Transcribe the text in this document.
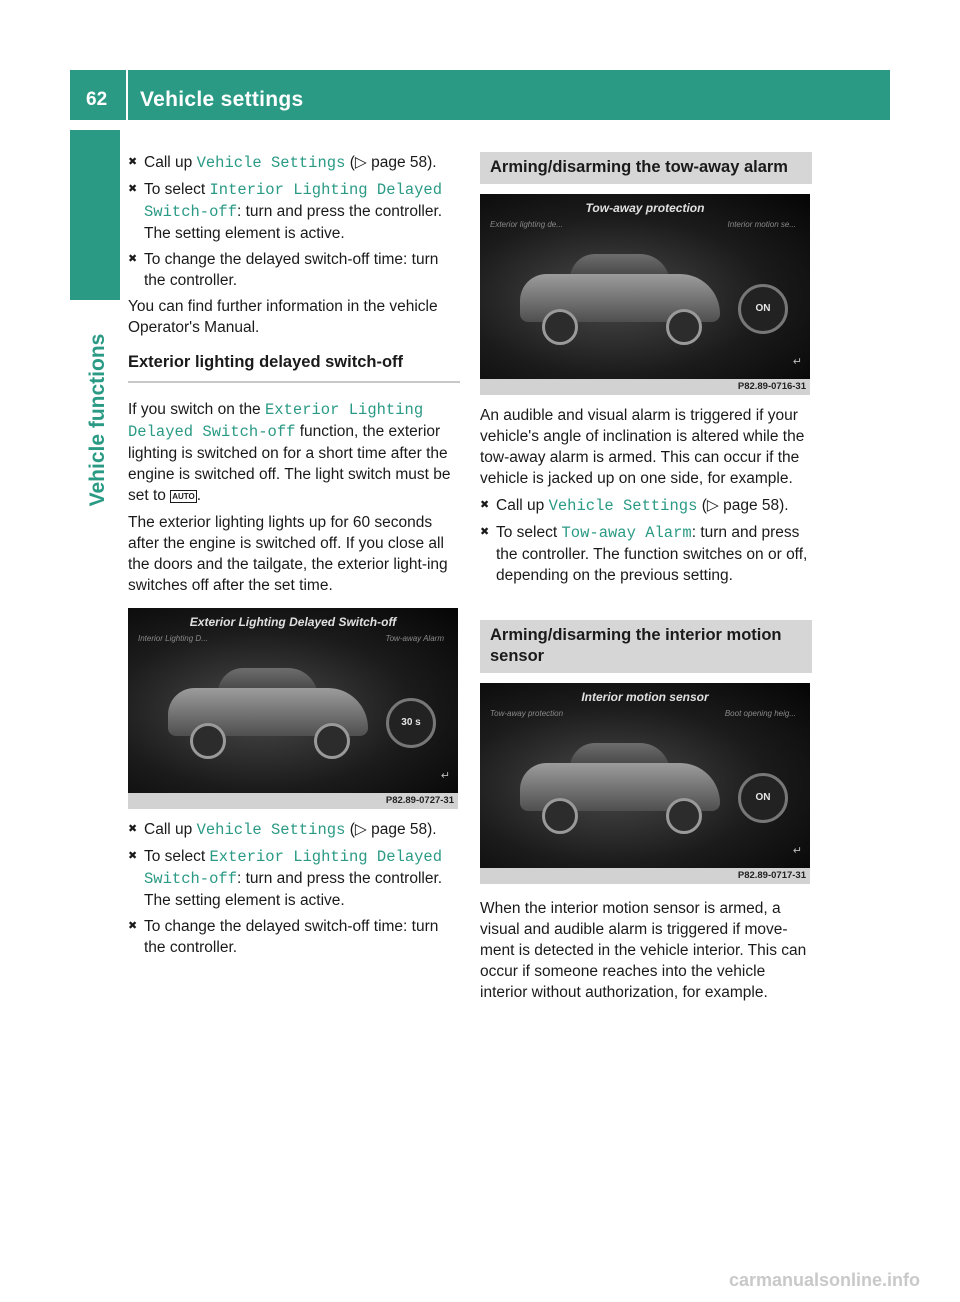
62 Vehicle settings
Vehicle functions
✖ Call up Vehicle Settings (▷ page 58).
✖ To select Interior Lighting Delayed Switch-off: turn and press the controller. The setting element is active.
✖ To change the delayed switch-off time: turn the controller.

You can find further information in the vehicle Operator's Manual.

Exterior lighting delayed switch-off

If you switch on the Exterior Lighting Delayed Switch-off function, the exterior lighting is switched on for a short time after the engine is switched off. The light switch must be set to AUTO .

The exterior lighting lights up for 60 seconds after the engine is switched off. If you close all the doors and the tailgate, the exterior light-ing switches off after the set time.

Exterior Lighting Delayed Switch-off
Interior Lighting D...	Tow-away Alarm
30 s
↵
P82.89-0727-31
✖ Call up Vehicle Settings (▷ page 58).
✖ To select Exterior Lighting Delayed Switch-off: turn and press the controller. The setting element is active.
✖ To change the delayed switch-off time: turn the controller.
Arming/disarming the tow-away alarm
Tow-away protection
Exterior lighting de...	Interior motion se...
ON
↵
P82.89-0716-31

An audible and visual alarm is triggered if your vehicle's angle of inclination is altered while the tow-away alarm is armed. This can occur if the vehicle is jacked up on one side, for example.

✖ Call up Vehicle Settings (▷ page 58).
✖ To select Tow-away Alarm: turn and press the controller. The function switches on or off, depending on the previous setting.
Arming/disarming the interior motion sensor
Interior motion sensor
Tow-away protection	Boot opening heig...
ON
↵
P82.89-0717-31

When the interior motion sensor is armed, a visual and audible alarm is triggered if move-ment is detected in the vehicle interior. This can occur if someone reaches into the vehicle interior without authorization, for example.

carmanualsonline.info
